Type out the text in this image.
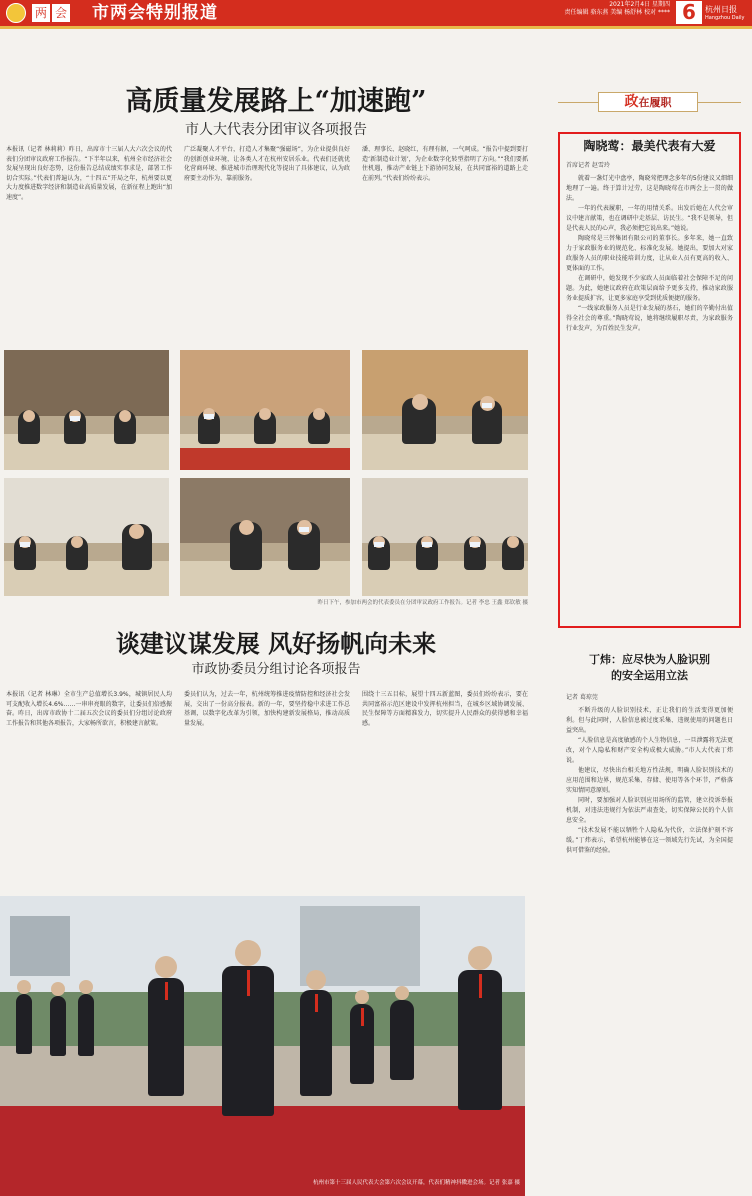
两 会 市两会特别报道	2021年2月4日 星期四
责任编辑 骆东燕 美编 杨舒林 校对 **** 6	杭州日报
Hangzhou Daily
高质量发展路上“加速跑”
市人大代表分团审议各项报告
本报讯（记者 林莉莉）昨日，出席市十三届人大六次会议的代表们分团审议政府工作报告。“下半年以来，杭州全市经济社会发展呈现出良好态势，这份报告总结成绩实事求是，部署工作切合实际。”代表们普遍认为，“十四五”开局之年，杭州要以更大力度推进数字经济和制造业高质量发展，在新征程上跑出“加速度”。
广泛凝聚人才平台，打造人才集聚“强磁场”，为企业提供良好的创新创业环境，让各类人才在杭州安居乐业。代表们还就优化营商环境、推进城市治理现代化等提出了具体建议，认为政府要主动作为、靠前服务。
潘、理事长、赵晓红，有理有据，一气呵成。“报告中提到要打造‘新制造业计划’，为企业数字化转型指明了方向。”“我们要抓住机遇，推动产业链上下游协同发展，在共同富裕的道路上走在前列。”代表们纷纷表示。
昨日下午，参加市两会的代表委员在分团审议政府工作报告。记者 李忠 王鑫 郑钦敏 摄
谈建议谋发展 风好扬帆向未来
市政协委员分组讨论各项报告
本报讯（记者 林琳）全市生产总值增长3.9%，城镇居民人均可支配收入增长4.6%……一串串亮眼的数字，让委员们倍感振奋。昨日，出席市政协十二届五次会议的委员们分组讨论政府工作报告和其他各项报告，大家畅所欲言，积极建言献策。
委员们认为，过去一年，杭州统筹推进疫情防控和经济社会发展，交出了一份高分报表。新的一年，要坚持稳中求进工作总基调，以数字化改革为引领，加快构建新发展格局，推动高质量发展。
围绕十三五目标，展望十四五新蓝图，委员们纷纷表示，要在共同富裕示范区建设中发挥杭州担当，在城乡区域协调发展、民生保障等方面精准发力，切实提升人民群众的获得感和幸福感。
杭州市第十三届人民代表大会第六次会议开幕，代表们精神抖擞进会场。记者 张嘉 摄
政在履职
陶晓莺：最美代表有大爱
首席记者 赵雪玲

就着一盏灯光中盘亭，陶晓莺把理念多年的5份建议又细细地理了一遍。终于算计过劳，这是陶晓莺在市两会上一贯的做法。

一年的代表履职，一年的用情关系。出发后她在人代会审议中建言献策，也在调研中走基层、访民生。“我不是领导，但是代表人民的心声，我必须把它说出来。”她说。

陶晓莺是三替集团有限公司的董事长。多年来，她一直致力于家政服务业的规范化、标准化发展。她提出，要加大对家政服务人员的职业技能培训力度，让从业人员有更高的收入、更体面的工作。

在调研中，她发现不少家政人员面临着社会保障不足的问题。为此，她建议政府在政策层面给予更多支持，推动家政服务业提质扩容，让更多家庭享受到优质便捷的服务。

“一线家政服务人员是行业发展的基石，她们的辛勤付出值得全社会的尊重。”陶晓莺说，她将继续履职尽责，为家政服务行业发声，为百姓民生发声。

丁炜：应尽快为人脸识别
的安全运用立法
记者 葛琼莞

不断升级的人脸识别技术，正让我们的生活变得更加便利。但与此同时，人脸信息被过度采集、违规使用的问题也日益突出。

“人脸信息是高度敏感的个人生物信息，一旦泄露将无法更改，对个人隐私和财产安全构成极大威胁。”市人大代表丁炜说。

他建议，尽快出台相关地方性法规，明确人脸识别技术的应用范围和边界，规范采集、存储、使用等各个环节，严格落实知情同意原则。

同时，要加强对人脸识别应用场所的监管，建立投诉举报机制，对违法违规行为依法严肃查处，切实保障公民的个人信息安全。

“技术发展不能以牺牲个人隐私为代价，立法保护刻不容缓。”丁炜表示，希望杭州能够在这一领域先行先试，为全国提供可借鉴的经验。
